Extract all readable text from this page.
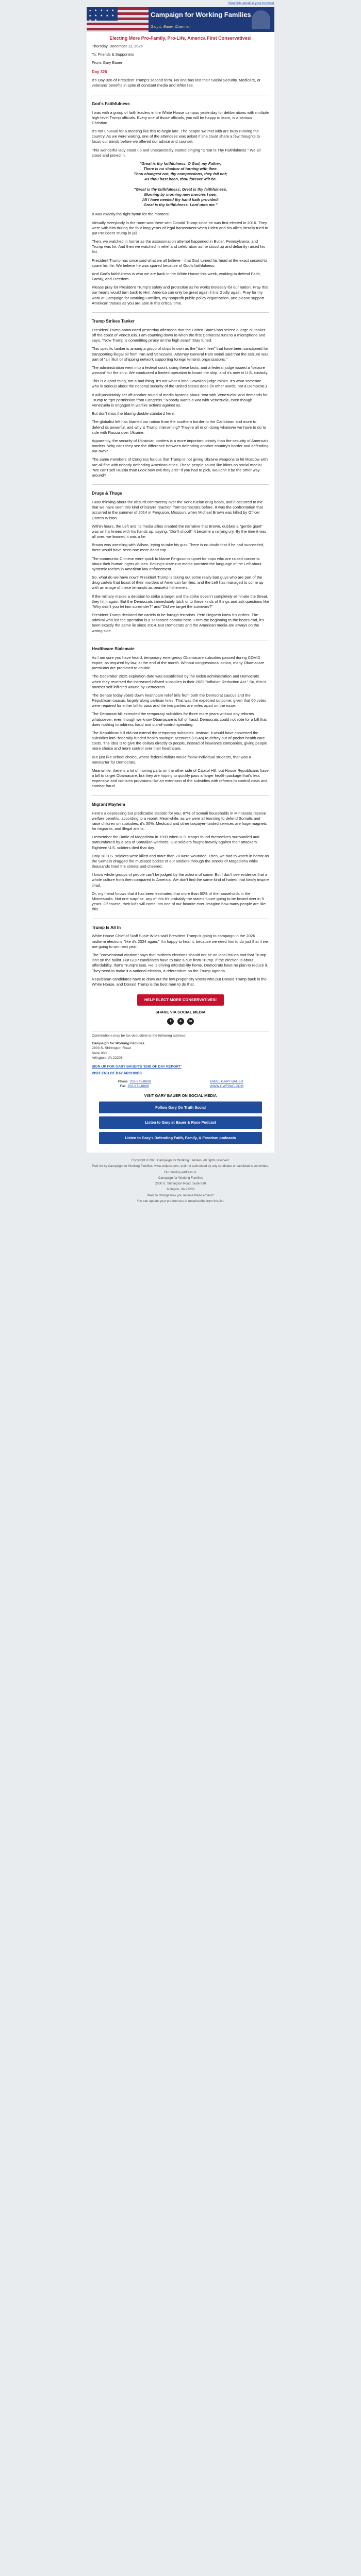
View this email in your browser
★ ★ ★ ★ ★ ★ ★ ★ ★ ★ ★ ★
Campaign for Working Families
Gary L. Bauer, Chairman
Electing More Pro-Family, Pro-Life, America First Conservatives!

Thursday, December 11, 2025

To: Friends & Supporters

From: Gary Bauer

Day 326

It's Day 326 of President Trump's second term. No one has lost their Social Security, Medicare, or veterans' benefits in spite of constant media and leftist lies.

God's Faithfulness

I was with a group of faith leaders in the White House campus yesterday for deliberations with multiple high-level Trump officials. Every one of those officials, you will be happy to learn, is a serious Christian.

It's not unusual for a meeting like this to begin late. The people we met with are busy running the country. As we were waiting, one of the attendees was asked if she could share a few thoughts to focus our minds before we offered our advice and counsel.

This wonderful lady stood up and unexpectedly started singing "Great Is Thy Faithfulness." We all stood and joined in.

"Great is thy faithfulness, O God, my Father;
There is no shadow of turning with thee.
Thou changest not, thy compassions, they fail not;
As thou hast been, thou forever wilt be.

"Great is thy faithfulness, Great is thy faithfulness,
Morning by morning new mercies I see;
All I have needed thy hand hath provided;
Great is thy faithfulness, Lord unto me."

It was exactly the right hymn for the moment.

Virtually everybody in the room was there with Donald Trump since he was first elected in 2016. They were with him during the four long years of legal harassment when Biden and his allies literally tried to put President Trump in jail.

Then, we watched in horror as the assassination attempt happened in Butler, Pennsylvania, and Trump was hit. And then we watched in relief and celebration as he stood up and defiantly raised his fist.

President Trump has since said what we all believe—that God turned his head at the exact second to spare his life. We believe he was spared because of God's faithfulness.

And God's faithfulness is who we are back in the White House this week, working to defend Faith, Family, and Freedom.

Please pray for President Trump's safety and protection as he works tirelessly for our nation. Pray that our hearts would turn back to Him. America can only be great again if it is Godly again. Pray for my work at Campaign for Working Families, my nonprofit public policy organization, and please support American Values as you are able in this critical time.

Trump Strikes Tanker

President Trump announced yesterday afternoon that the United States has seized a large oil tanker off the coast of Venezuela. I am counting down to when the first Democrat runs to a microphone and says, "Now Trump is committing piracy on the high seas!" Stay tuned.

This specific tanker is among a group of ships known as the "dark fleet" that have been sanctioned for transporting illegal oil from Iran and Venezuela. Attorney General Pam Bondi said that the seizure was part of "an illicit oil shipping network supporting foreign terrorist organizations."

The administration went into a federal court, using these facts, and a federal judge issued a "seizure warrant" for the ship. We conducted a limited operation to board the ship, and it's now in U.S. custody.

This is a good thing, not a bad thing. It's not what a lone Hawaiian judge thinks. It's what someone who is serious about the national security of the United States does (in other words, not a Democrat.)

It will predictably set off another round of media hysteria about "war with Venezuela" and demands for Trump to "get permission from Congress." Nobody wants a war with Venezuela, even though Venezuela is engaged in warlike actions against us.

But don't miss the blaring double standard here.

The globalist left has blamed our nation from the southern border to the Caribbean and more to defend its powerful, and why is Trump intervening? They're all in on doing whatever we have to do to side with Russia over Ukraine.

Apparently, the security of Ukrainian borders is a more important priority than the security of America's borders. Why can't they see the difference between defending another country's border and defending our own?

The same members of Congress furious that Trump is not giving Ukraine weapons to hit Moscow with are all fine with nobody defending American cities. These people sound like idiots on social media! "We can't sell Russia that! Look how evil they are!" If you had to pick, wouldn't it be the other way around?

Drugs & Thugs

I was thinking about the absurd controversy over the Venezuelan drug boats, and it occurred to me that we have seen this kind of bizarre reaction from Democrats before. It was the confrontation that occurred in the summer of 2014 in Ferguson, Missouri, when Michael Brown was killed by Officer Darren Wilson.

Within hours, the Left and its media allies created the narrative that Brown, dubbed a "gentle giant" was on his knees with his hands up, saying, "Don't shoot!" It became a rallying cry. By the time it was all over, we learned it was a lie.

Brown was wrestling with Wilson, trying to take his gun. There is no doubt that if he had succeeded, there would have been one more dead cop.

The communist Chinese were quick to blame Ferguson's upset for cops who are raised concerns about their human rights abuses. Beijing's state-run media parroted the language of the Left about systemic racism in American law enforcement.

So, what do we have now? President Trump is taking out some really bad guys who are part of the drug cartels that boast of their murders of American families, and the Left has managed to come up with an image of these terrorists as peaceful fishermen.

If the military makes a decision to strike a target and the strike doesn't completely eliminate the threat, they hit it again. But the Democrats immediately latch onto these kinds of things and ask questions like "Why didn't you let him surrender?" and "Did we target the survivors?"

President Trump declared the cartels to be foreign terrorists. Pete Hegseth knew his orders. The admiral who led the operation is a seasoned combat hero. From the beginning to the boat's end, it's been exactly the same lie since 2014. But Democrats and the American media are always on the wrong side.

Healthcare Stalemate

As I am sure you have heard, temporary emergency Obamacare subsidies passed during COVID expire, as required by law, at the end of the month. Without congressional action, many Obamacare premiums are predicted to double.

The December 2025 expiration date was established by the Biden administration and Democrats when they reversed the increased inflated subsidies in their 2022 "Inflation Reduction Act." So, this is another self-inflicted wound by Democrats.

The Senate today voted down healthcare relief bills from both the Democrat caucus and the Republican caucus, largely along partisan lines. That was the expected outcome, given that 60 votes were required for either bill to pass and the two parties are miles apart on the issue.

The Democrat bill extended the temporary subsidies for three more years without any reforms whatsoever, even though we know Obamacare is full of fraud. Democrats could not vote for a bill that does nothing to address fraud and out-of-control spending.

The Republican bill did not extend the temporary subsidies. Instead, it would have converted the subsidies into "federally-funded health savings" accounts (HSAs) to defray out-of-pocket health care costs. The idea is to give the dollars directly to people, instead of insurance companies, giving people more choice and more control over their healthcare.

But just like school choice, where federal dollars would follow individual students, that was a nonstarter for Democrats.

Meanwhile, there is a lot of moving parts on the other side of Capitol Hill, but House Republicans have a bill to target Obamacare, but they are hoping to quickly pass a larger health package that's less expensive and contains provisions like an extension of the subsidies with reforms to control costs and combat fraud.

Migrant Mayhem

Here's a depressing but predictable statistic for you: 87% of Somali households in Minnesota receive welfare benefits, according to a report. Meanwhile, as we were all learning to defend Somalis and raise children on subsidies, it's 30%. Medicaid and other taxpayer-funded services are huge magnets for migrants, and illegal aliens.

I remember the Battle of Mogadishu in 1993 when U.S. troops found themselves surrounded and outnumbered by a sea of Somalian warlords. Our soldiers fought bravely against their attackers. Eighteen U.S. soldiers died that day.

Only 18 U.S. soldiers were killed and more than 70 were wounded. Then, we had to watch in horror as the Somalis dragged the mutilated bodies of our soldiers through the streets of Mogadishu while thousands lined the streets and cheered.

I know whole groups of people can't be judged by the actions of some. But I don't see evidence that a whole culture from then compared to America. We don't find the same kind of hatred that kindly inspire jihad.

Or, my friend knows that it has been estimated that more than 60% of the households in the Minneapolis. Not one surprise, any of this it's probably the state's future going to be hosed over in 3 years. Of course, their kids will come into one of our favorite ever. Imagine how many people are like this.

Trump Is All In

White House Chief of Staff Susie Wiles said President Trump is going to campaign in the 2026 midterm elections "like it's 2024 again." I'm happy to hear it, because we need him to do just that if we are going to win next year.

The "conventional wisdom" says that midterm elections should not be on local issues and that Trump isn't on the ballot. But GOP candidates have to take a cue from Trump. If the election is about affordability, that's Trump's lane. He is driving affordability home. Democrats have no plan to reduce it. They need to make it a national election, a referendum on the Trump agenda.

Republican candidates have to draw out the low-propensity voters who put Donald Trump back in the White House, and Donald Trump is the best man to do that.

HELP ELECT MORE CONSERVATIVES!
SHARE VIA SOCIAL MEDIA
f X in

Contributions may be tax deductible to the following address:

Campaign for Working Families
2800 S. Shirlington Road
Suite 930
Arlington, VA 22206

SIGN UP FOR GARY BAUER'S 'END OF DAY REPORT'
VISIT END OF DAY ARCHIVES
Phone: 703-671-8800
Fax: 703-671-8899
EMAIL GARY BAUER
WWW.CWFPAC.COM
VISIT GARY BAUER ON SOCIAL MEDIA
Follow Gary On Truth Social
Listen to Gary at Bauer & Rose Podcast
Listen to Gary's Defending Faith, Family, & Freedom podcasts

Copyright © 2025 Campaign for Working Families, All rights reserved.

Paid for by Campaign for Working Families, www.cwfpac.com, and not authorized by any candidate or candidate's committee.

Our mailing address is:

Campaign for Working Families

2800 S. Shirlington Road, Suite 930

Arlington, VA 22206

Want to change how you receive these emails?

You can update your preferences or unsubscribe from this list.
